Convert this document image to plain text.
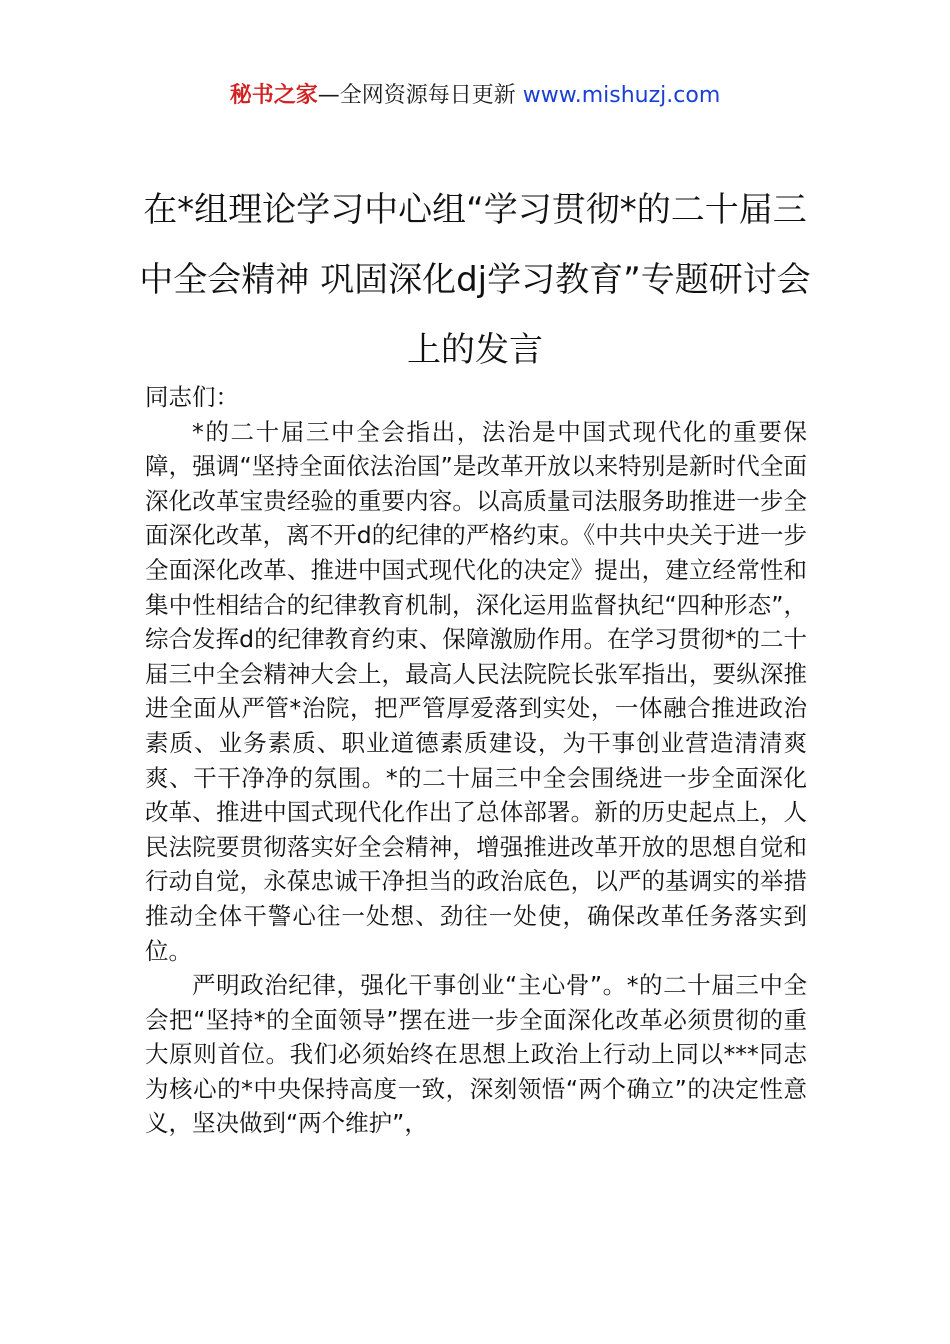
秘书之家—全网资源每日更新 www.mishuzj.com
在*组理论学习中心组“学习贯彻*的二十届三中全会精神 巩固深化dj学习教育”专题研讨会上的发言

同志们：

*的二十届三中全会指出，法治是中国式现代化的重要保障，强调“坚持全面依法治国”是改革开放以来特别是新时代全面深化改革宝贵经验的重要内容。以高质量司法服务助推进一步全面深化改革，离不开d的纪律的严格约束。《中共中央关于进一步全面深化改革、推进中国式现代化的决定》提出，建立经常性和集中性相结合的纪律教育机制，深化运用监督执纪“四种形态”，综合发挥d的纪律教育约束、保障激励作用。在学习贯彻*的二十届三中全会精神大会上，最高人民法院院长张军指出，要纵深推进全面从严管*治院，把严管厚爱落到实处，一体融合推进政治素质、业务素质、职业道德素质建设，为干事创业营造清清爽爽、干干净净的氛围。*的二十届三中全会围绕进一步全面深化改革、推进中国式现代化作出了总体部署。新的历史起点上，人民法院要贯彻落实好全会精神，增强推进改革开放的思想自觉和行动自觉，永葆忠诚干净担当的政治底色，以严的基调实的举措推动全体干警心往一处想、劲往一处使，确保改革任务落实到位。

严明政治纪律，强化干事创业“主心骨”。*的二十届三中全会把“坚持*的全面领导”摆在进一步全面深化改革必须贯彻的重大原则首位。我们必须始终在思想上政治上行动上同以***同志为核心的*中央保持高度一致，深刻领悟“两个确立”的决定性意义，坚决做到“两个维护”，
